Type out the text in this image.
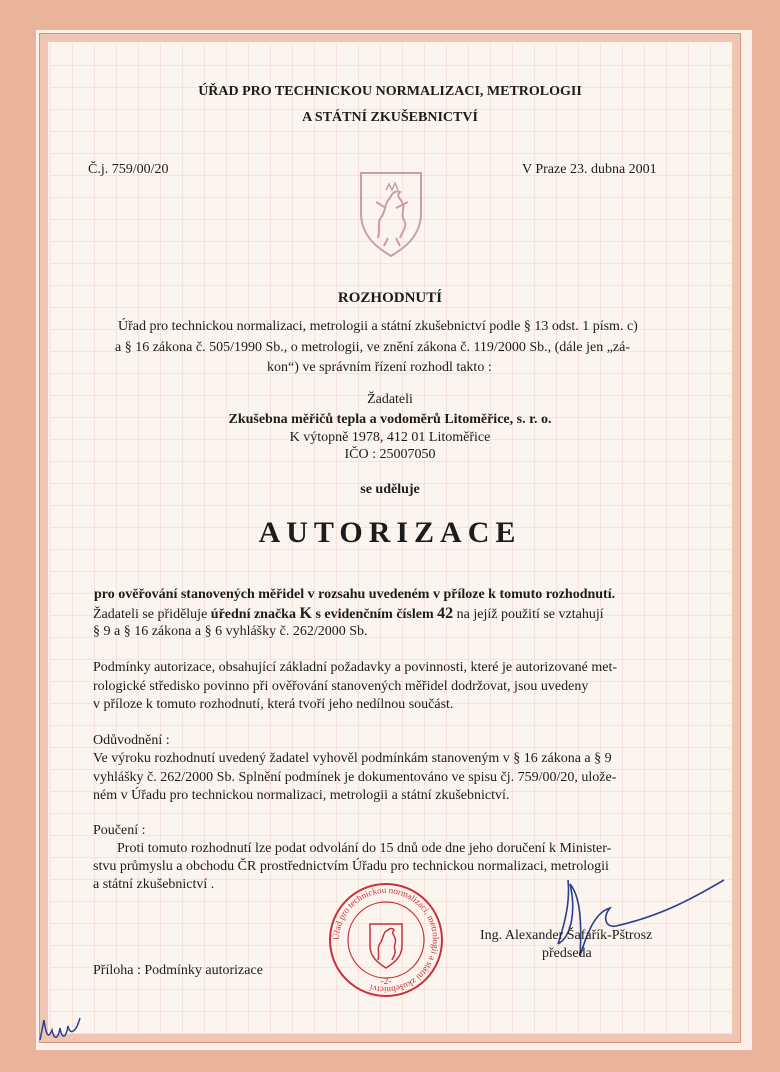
ÚŘAD PRO TECHNICKOU NORMALIZACI, METROLOGII
A STÁTNÍ ZKUŠEBNICTVÍ
Č.j. 759/00/20	V Praze 23. dubna 2001
ROZHODNUTÍ
Úřad pro technickou normalizaci, metrologii a státní zkušebnictví podle § 13 odst. 1 písm. c)
a § 16 zákona č. 505/1990 Sb., o metrologii, ve znění zákona č. 119/2000 Sb., (dále jen „zá-
kon“) ve správním řízení rozhodl takto :
Žadateli
Zkušebna měřičů tepla a vodoměrů Litoměřice, s. r. o.
K výtopně 1978, 412 01 Litoměřice
IČO : 25007050
se uděluje
AUTORIZACE
pro ověřování stanovených měřidel v rozsahu uvedeném v příloze k tomuto rozhodnutí.
Žadateli se přiděluje úřední značka K s evidenčním číslem 42 na jejíž použití se vztahují
§ 9 a § 16 zákona a § 6 vyhlášky č. 262/2000 Sb.
Podmínky autorizace, obsahující základní požadavky a povinnosti, které je autorizované met-
rologické středisko povinno při ověřování stanovených měřidel dodržovat, jsou uvedeny
v příloze k tomuto rozhodnutí, která tvoří jeho nedílnou součást.
Odůvodnění :
Ve výroku rozhodnutí uvedený žadatel vyhověl podmínkám stanoveným v § 16 zákona a § 9
vyhlášky č. 262/2000 Sb. Splnění podmínek je dokumentováno ve spisu čj. 759/00/20, ulože-
ném v Úřadu pro technickou normalizaci, metrologii a státní zkušebnictví.
Poučení :
Proti tomuto rozhodnutí lze podat odvolání do 15 dnů ode dne jeho doručení k Minister-
stvu průmyslu a obchodu ČR prostřednictvím Úřadu pro technickou normalizaci, metrologii
a státní zkušebnictví .
Úřad pro technickou normalizaci, metrologii a státní zkušebnictví
-2-
Ing. Alexander Šafařík-Pštrosz
předseda
Příloha : Podmínky autorizace
